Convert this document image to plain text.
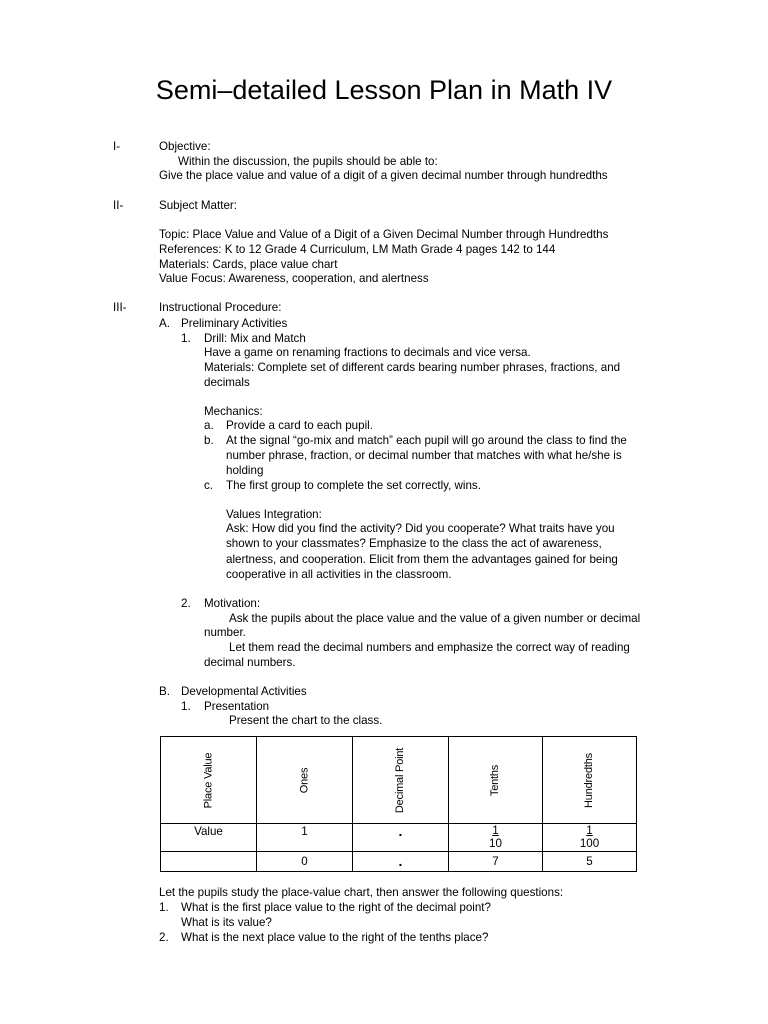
Semi–detailed Lesson Plan in Math IV
I-	Objective:
Within the discussion, the pupils should be able to:
Give the place value and value of a digit of a given decimal number through hundredths
II-	Subject Matter:
Topic: Place Value and Value of a Digit of a Given Decimal Number through Hundredths
References: K to 12 Grade 4 Curriculum, LM Math Grade 4 pages 142 to 144
Materials: Cards, place value chart
Value Focus: Awareness, cooperation, and alertness
III-	Instructional Procedure:
A. Preliminary Activities
1. Drill: Mix and Match
Have a game on renaming fractions to decimals and vice versa.
Materials: Complete set of different cards bearing number phrases, fractions, and
decimals
Mechanics:
a. Provide a card to each pupil.
b. At the signal “go-mix and match” each pupil will go around the class to find the
number phrase, fraction, or decimal number that matches with what he/she is
holding
c. The first group to complete the set correctly, wins.
Values Integration:
Ask: How did you find the activity? Did you cooperate? What traits have you
shown to your classmates? Emphasize to the class the act of awareness,
alertness, and cooperation. Elicit from them the advantages gained for being
cooperative in all activities in the classroom.
2. Motivation:
Ask the pupils about the place value and the value of a given number or decimal
number.
Let them read the decimal numbers and emphasize the correct way of reading
decimal numbers.
B. Developmental Activities
1. Presentation
Present the chart to the class.
Place Value	Ones	Decimal Point	Tenths	Hundredths
Value	1	.	$\frac{1}{10}$	$\frac{1}{100}$

	0	.	7	5
Let the pupils study the place-value chart, then answer the following questions:
1. What is the first place value to the right of the decimal point?
What is its value?
2. What is the next place value to the right of the tenths place?
